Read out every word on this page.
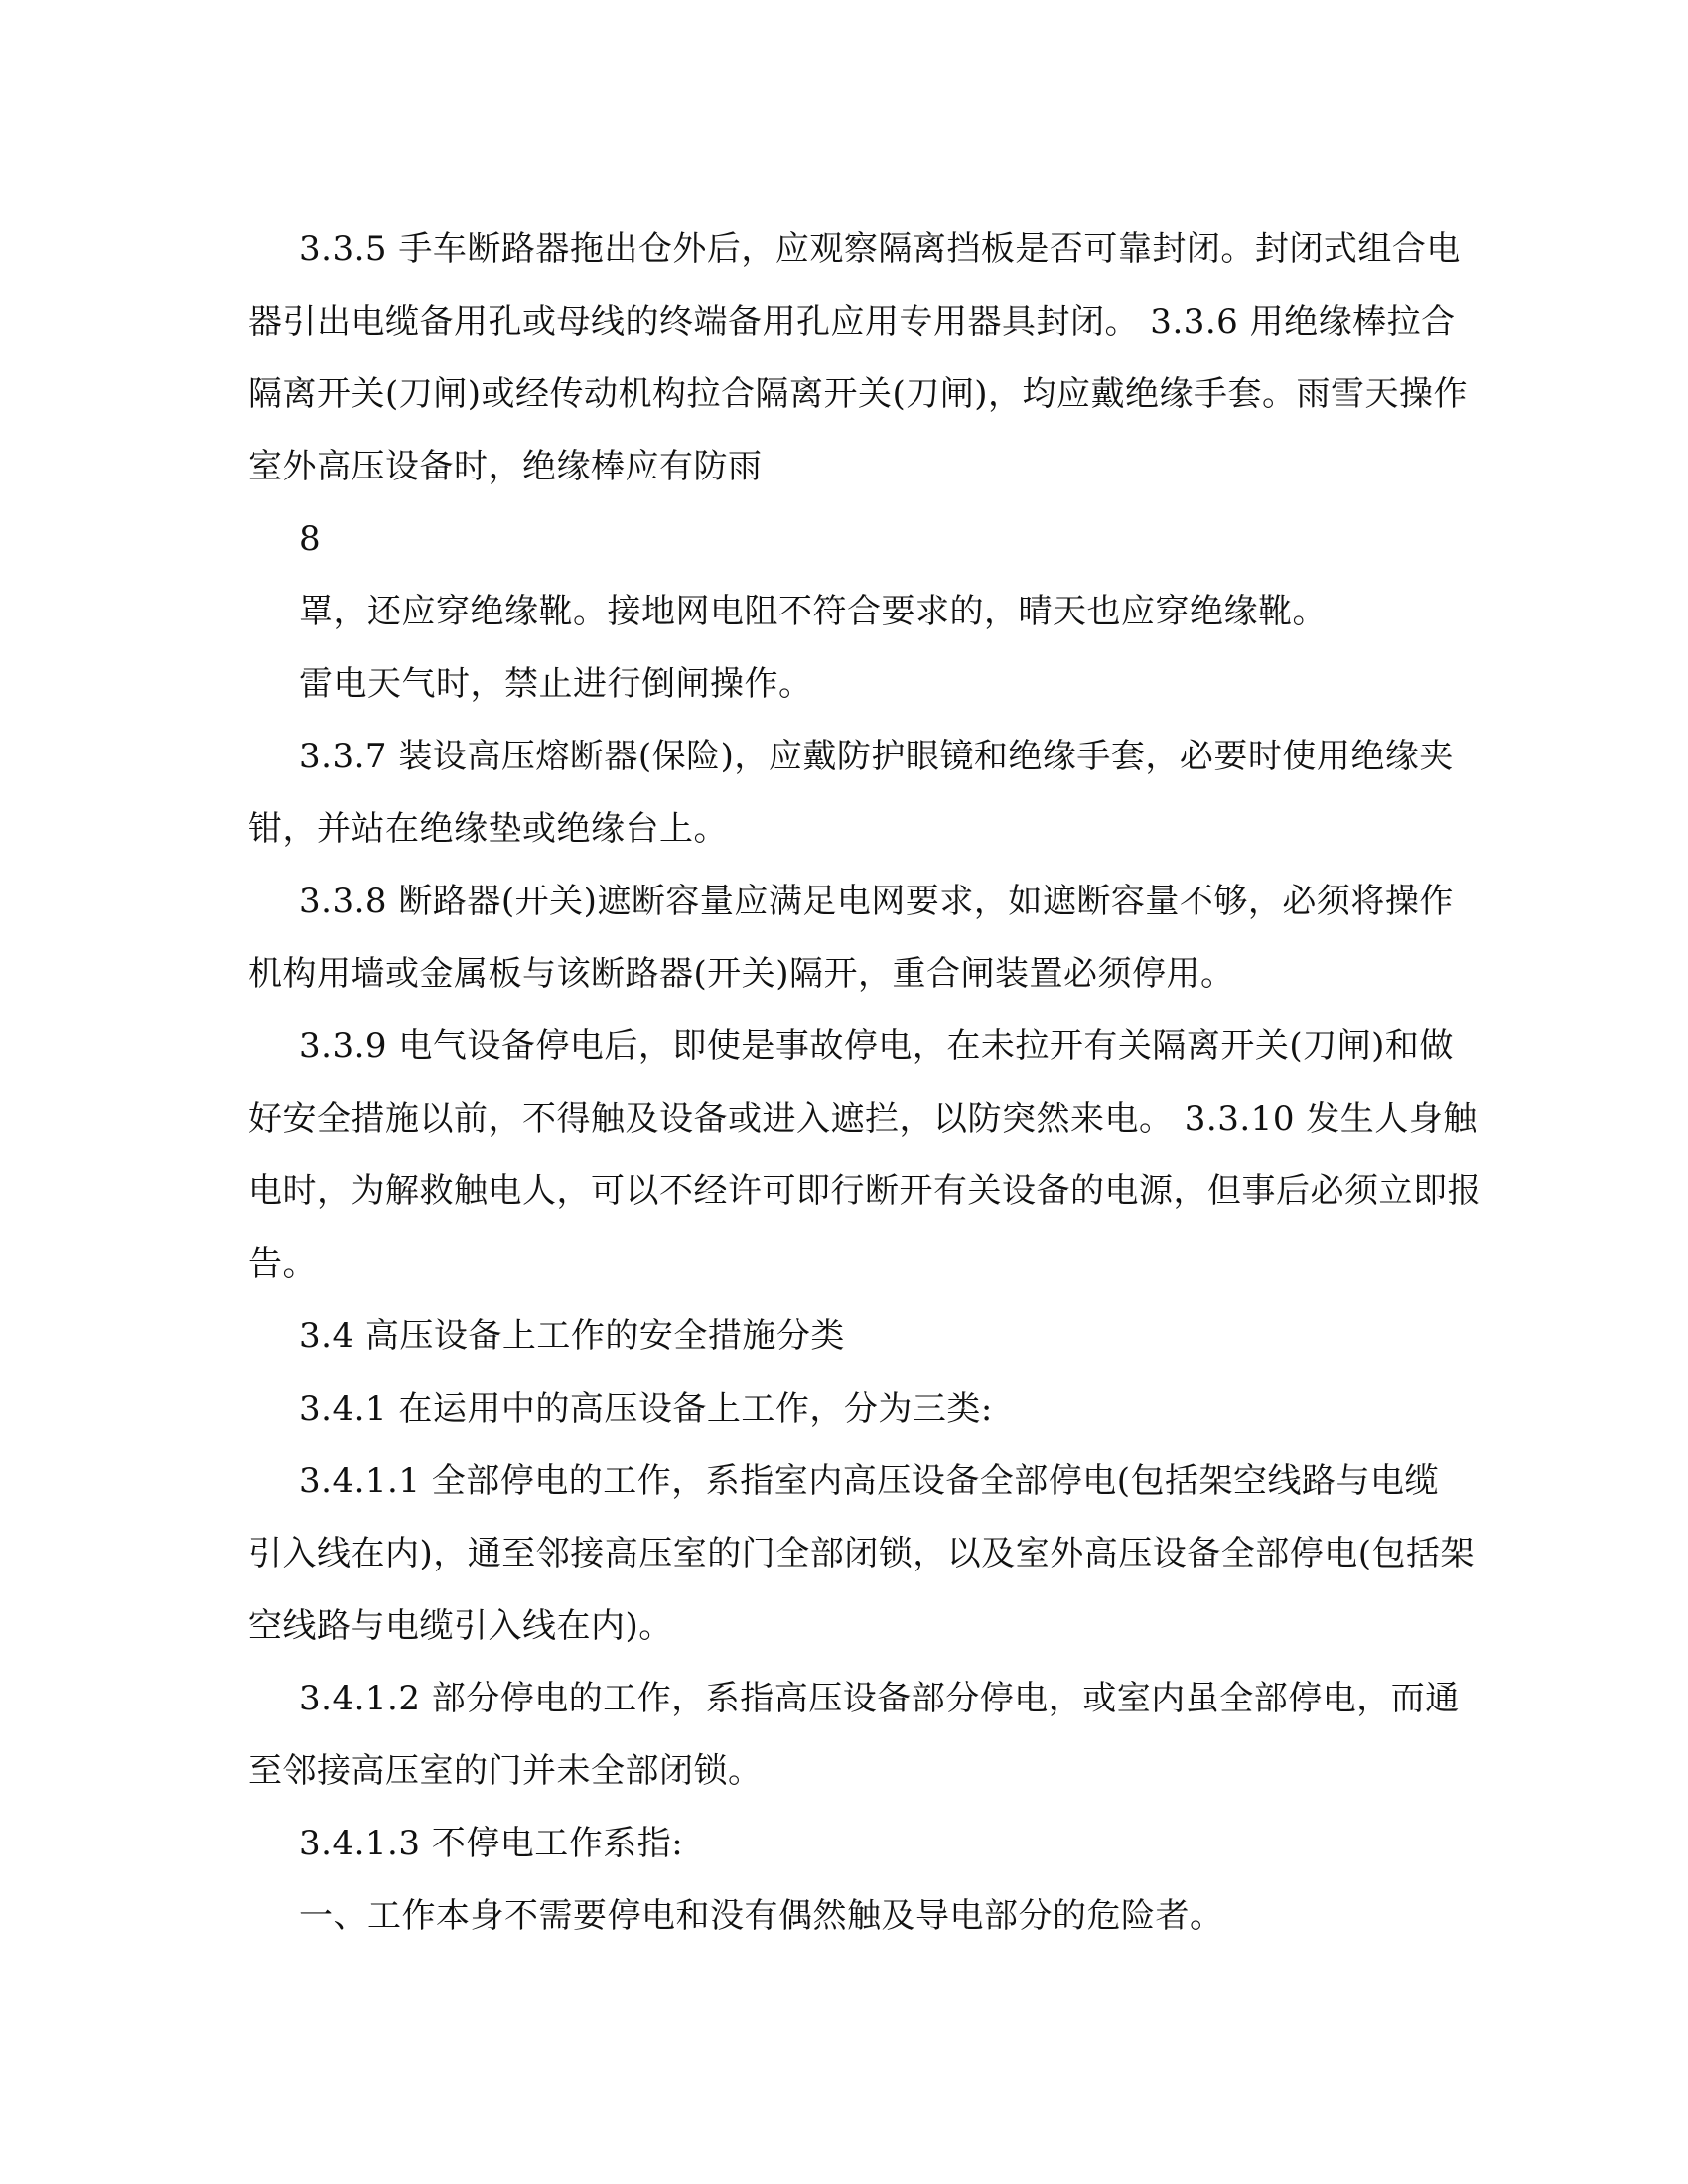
3.3.5 手车断路器拖出仓外后，应观察隔离挡板是否可靠封闭。封闭式组合电
器引出电缆备用孔或母线的终端备用孔应用专用器具封闭。 3.3.6 用绝缘棒拉合
隔离开关(刀闸)或经传动机构拉合隔离开关(刀闸)，均应戴绝缘手套。雨雪天操作
室外高压设备时，绝缘棒应有防雨
8
罩，还应穿绝缘靴。接地网电阻不符合要求的，晴天也应穿绝缘靴。
雷电天气时，禁止进行倒闸操作。
3.3.7 装设高压熔断器(保险)，应戴防护眼镜和绝缘手套，必要时使用绝缘夹
钳，并站在绝缘垫或绝缘台上。
3.3.8 断路器(开关)遮断容量应满足电网要求，如遮断容量不够，必须将操作
机构用墙或金属板与该断路器(开关)隔开，重合闸装置必须停用。
3.3.9 电气设备停电后，即使是事故停电，在未拉开有关隔离开关(刀闸)和做
好安全措施以前，不得触及设备或进入遮拦，以防突然来电。 3.3.10 发生人身触
电时，为解救触电人，可以不经许可即行断开有关设备的电源，但事后必须立即报
告。
3.4 高压设备上工作的安全措施分类
3.4.1 在运用中的高压设备上工作，分为三类:
3.4.1.1 全部停电的工作，系指室内高压设备全部停电(包括架空线路与电缆
引入线在内)，通至邻接高压室的门全部闭锁，以及室外高压设备全部停电(包括架
空线路与电缆引入线在内)。
3.4.1.2 部分停电的工作，系指高压设备部分停电，或室内虽全部停电，而通
至邻接高压室的门并未全部闭锁。
3.4.1.3 不停电工作系指:
一、工作本身不需要停电和没有偶然触及导电部分的危险者。
